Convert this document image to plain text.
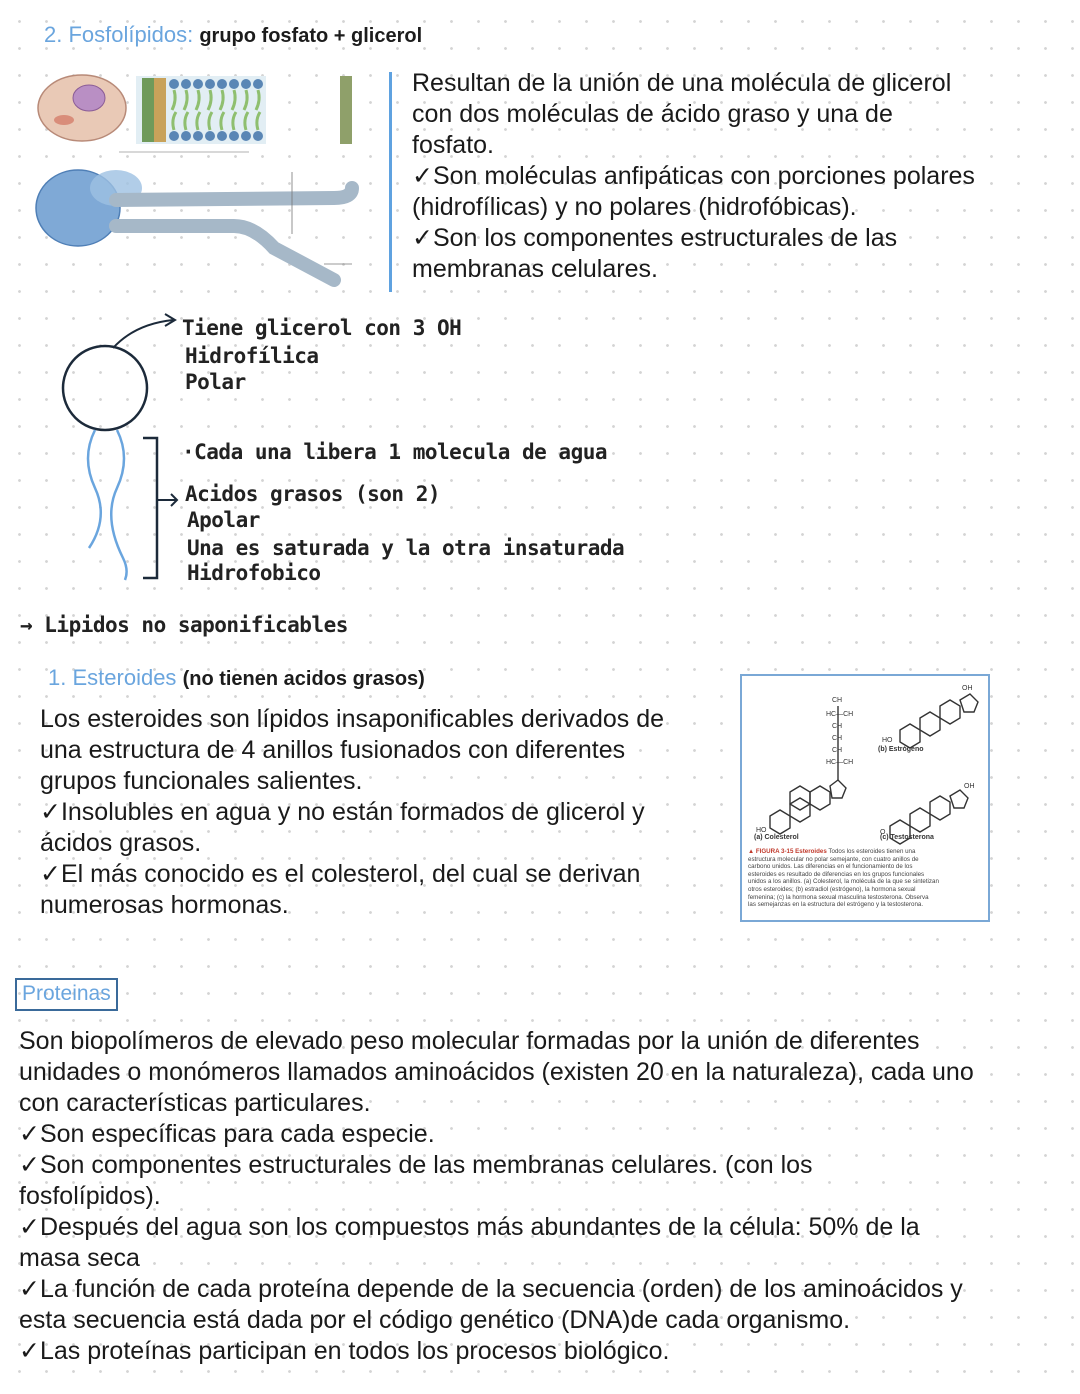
2. Fosfolípidos: grupo fosfato + glicerol
Resultan de la unión de una molécula de glicerol
con dos moléculas de ácido graso y una de
fosfato.
✓Son moléculas anfipáticas con porciones polares
(hidrofílicas) y no polares (hidrofóbicas).
✓Son los componentes estructurales de las
membranas celulares.
Tiene glicerol con 3 OH
Hidrofílica
Polar
·Cada una libera 1 molecula de agua
Acidos grasos (son 2)
Apolar
Una es saturada y la otra insaturada
Hidrofobico
→ Lipidos no saponificables
1. Esteroides (no tienen acidos grasos)
Los esteroides son lípidos insaponificables derivados de
una estructura de 4 anillos fusionados con diferentes
grupos funcionales salientes.
✓Insolubles en agua y no están formados de glicerol y
ácidos grasos.
✓El más conocido es el colesterol, del cual se derivan
numerosas hormonas.
CH
HC—CH
CH
CH
CH
HC—CH
HO
HO
OH
OH
O
(b) Estrógeno
(a) Colesterol	(c) Testosterona
▲ FIGURA 3-15 Esteroides Todos los esteroides tienen una
estructura molecular no polar semejante, con cuatro anillos de
carbono unidos. Las diferencias en el funcionamiento de los
esteroides es resultado de diferencias en los grupos funcionales
unidos a los anillos. (a) Colesterol, la molécula de la que se sintetizan
otros esteroides; (b) estradiol (estrógeno), la hormona sexual
femenina; (c) la hormona sexual masculina testosterona. Observa
las semejanzas en la estructura del estrógeno y la testosterona.
Proteinas
Son biopolímeros de elevado peso molecular formadas por la unión de diferentes
unidades o monómeros llamados aminoácidos (existen 20 en la naturaleza), cada uno
con características particulares.
✓Son específicas para cada especie.
✓Son componentes estructurales de las membranas celulares. (con los
fosfolípidos).
✓Después del agua son los compuestos más abundantes de la célula: 50% de la
masa seca
✓La función de cada proteína depende de la secuencia (orden) de los aminoácidos y
esta secuencia está dada por el código genético (DNA)de cada organismo.
✓Las proteínas participan en todos los procesos biológico.
